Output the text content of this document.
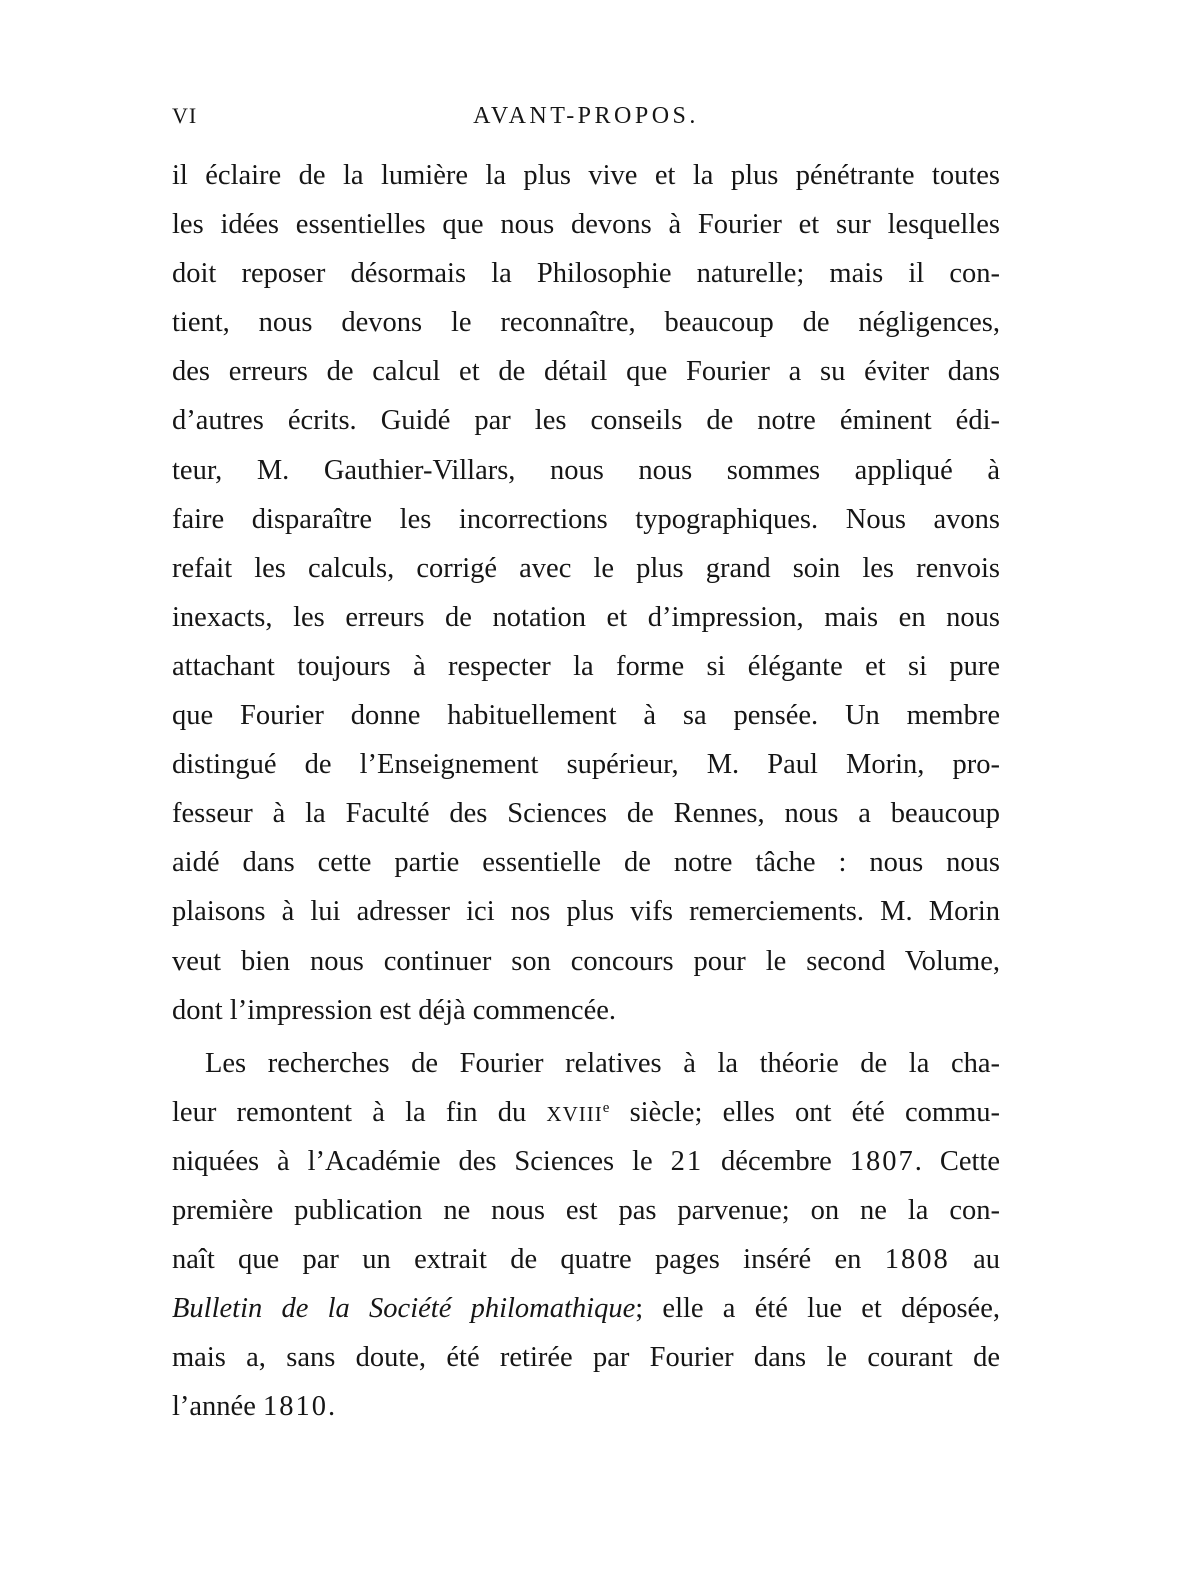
VI	AVANT-PROPOS.
il éclaire de la lumière la plus vive et la plus pénétrante toutes
les idées essentielles que nous devons à Fourier et sur lesquelles
doit reposer désormais la Philosophie naturelle; mais il con-
tient, nous devons le reconnaître, beaucoup de négligences,
des erreurs de calcul et de détail que Fourier a su éviter dans
d’autres écrits. Guidé par les conseils de notre éminent édi-
teur, M. Gauthier-Villars, nous nous sommes appliqué à
faire disparaître les incorrections typographiques. Nous avons
refait les calculs, corrigé avec le plus grand soin les renvois
inexacts, les erreurs de notation et d’impression, mais en nous
attachant toujours à respecter la forme si élégante et si pure
que Fourier donne habituellement à sa pensée. Un membre
distingué de l’Enseignement supérieur, M. Paul Morin, pro-
fesseur à la Faculté des Sciences de Rennes, nous a beaucoup
aidé dans cette partie essentielle de notre tâche : nous nous
plaisons à lui adresser ici nos plus vifs remerciements. M. Morin
veut bien nous continuer son concours pour le second Volume,
dont l’impression est déjà commencée.
Les recherches de Fourier relatives à la théorie de la cha-
leur remontent à la fin du XVIIIe siècle; elles ont été commu-
niquées à l’Académie des Sciences le 21 décembre 1807. Cette
première publication ne nous est pas parvenue; on ne la con-
naît que par un extrait de quatre pages inséré en 1808 au
Bulletin de la Société philomathique; elle a été lue et déposée,
mais a, sans doute, été retirée par Fourier dans le courant de
l’année 1810.
